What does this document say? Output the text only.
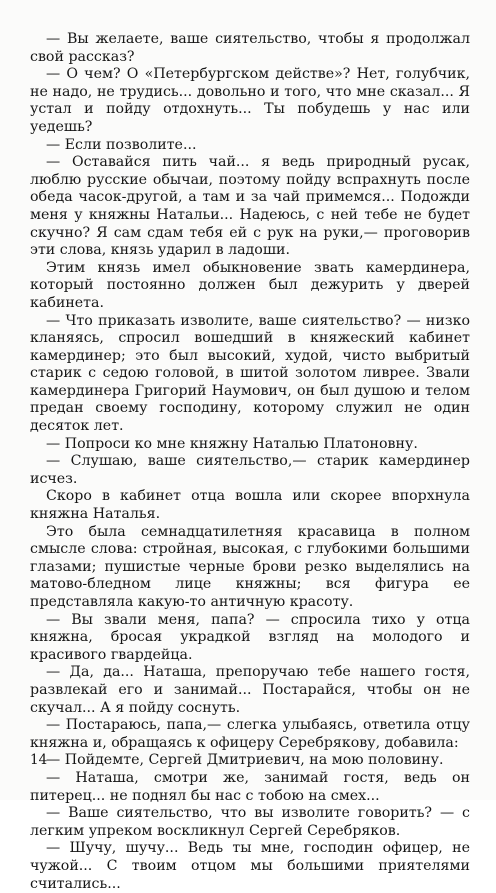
— Вы желаете, ваше сиятельство, чтобы я продолжал свой рассказ?

— О чем? О «Петербургском действе»? Нет, голубчик, не надо, не трудись... довольно и того, что мне сказал... Я устал и пойду отдохнуть... Ты побудешь у нас или уедешь?

— Если позволите...

— Оставайся пить чай... я ведь природный русак, люблю русские обычаи, поэтому пойду вспрахнуть после обеда часок-другой, а там и за чай примемся... Подожди меня у княжны Натальи... Надеюсь, с ней тебе не будет скучно? Я сам сдам тебя ей с рук на руки,— проговорив эти слова, князь ударил в ладоши.

Этим князь имел обыкновение звать камердинера, который постоянно должен был дежурить у дверей кабинета.

— Что приказать изволите, ваше сиятельство? — низко кланяясь, спросил вошедший в княжеский кабинет камердинер; это был высокий, худой, чисто выбритый старик с седою головой, в шитой золотом ливрее. Звали камердинера Григорий Наумович, он был душою и телом предан своему господину, которому служил не один десяток лет.

— Попроси ко мне княжну Наталью Платоновну.

— Слушаю, ваше сиятельство,— старик камердинер исчез.

Скоро в кабинет отца вошла или скорее впорхнула княжна Наталья.

Это была семнадцатилетняя красавица в полном смысле слова: стройная, высокая, с глубокими большими глазами; пушистые черные брови резко выделялись на матово-бледном лице княжны; вся фигура ее представляла какую-то античную красоту.

— Вы звали меня, папа? — спросила тихо у отца княжна, бросая украдкой взгляд на молодого и красивого гвардейца.

— Да, да... Наташа, препоручаю тебе нашего гостя, развлекай его и занимай... Постарайся, чтобы он не скучал... А я пойду соснуть.

— Постараюсь, папа,— слегка улыбаясь, ответила отцу княжна и, обращаясь к офицеру Серебрякову, добавила:

— Пойдемте, Сергей Дмитриевич, на мою половину.

— Наташа, смотри же, занимай гостя, ведь он питерец... не поднял бы нас с тобою на смех...

— Ваше сиятельство, что вы изволите говорить? — с легким упреком воскликнул Сергей Серебряков.

— Шучу, шучу... Ведь ты мне, господин офицер, не чужой... С твоим отцом мы большими приятелями считались...

14
